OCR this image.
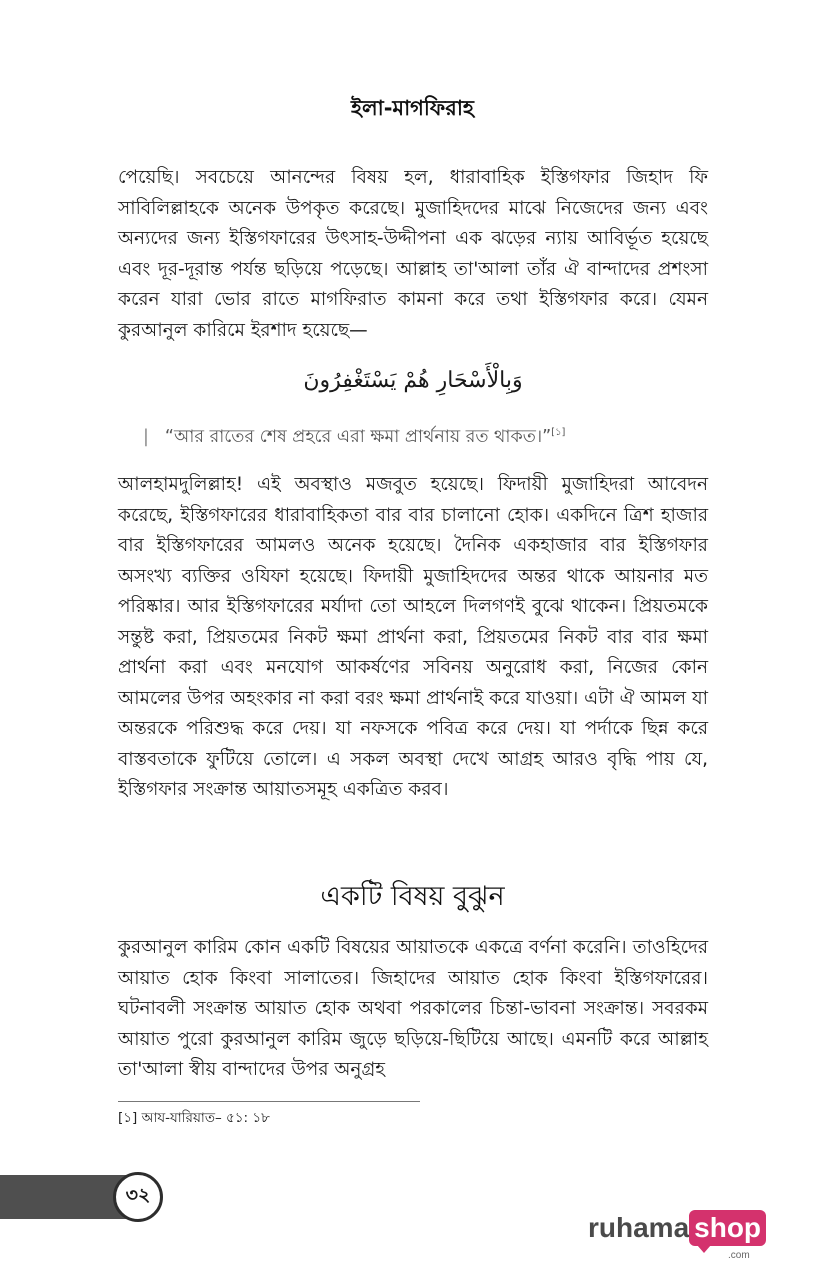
ইলা-মাগফিরাহ

পেয়েছি। সবচেয়ে আনন্দের বিষয় হল, ধারাবাহিক ইস্তিগফার জিহাদ ফি সাবিলিল্লাহকে অনেক উপকৃত করেছে। মুজাহিদদের মাঝে নিজেদের জন্য এবং অন্যদের জন্য ইস্তিগফারের উৎসাহ-উদ্দীপনা এক ঝড়ের ন্যায় আবির্ভূত হয়েছে এবং দূর-দূরান্ত পর্যন্ত ছড়িয়ে পড়েছে। আল্লাহ তা'আলা তাঁর ঐ বান্দাদের প্রশংসা করেন যারা ভোর রাতে মাগফিরাত কামনা করে তথা ইস্তিগফার করে। যেমন কুরআনুল কারিমে ইরশাদ হয়েছে—

وَبِالْأَسْحَارِ هُمْ يَسْتَغْفِرُونَ
| “আর রাতের শেষ প্রহরে এরা ক্ষমা প্রার্থনায় রত থাকত।”[১]

আলহামদুলিল্লাহ! এই অবস্থাও মজবুত হয়েছে। ফিদায়ী মুজাহিদরা আবেদন করেছে, ইস্তিগফারের ধারাবাহিকতা বার বার চালানো হোক। একদিনে ত্রিশ হাজার বার ইস্তিগফারের আমলও অনেক হয়েছে। দৈনিক একহাজার বার ইস্তিগফার অসংখ্য ব্যক্তির ওযিফা হয়েছে। ফিদায়ী মুজাহিদদের অন্তর থাকে আয়নার মত পরিষ্কার। আর ইস্তিগফারের মর্যাদা তো আহলে দিলগণই বুঝে থাকেন। প্রিয়তমকে সন্তুষ্ট করা, প্রিয়তমের নিকট ক্ষমা প্রার্থনা করা, প্রিয়তমের নিকট বার বার ক্ষমা প্রার্থনা করা এবং মনযোগ আকর্ষণের সবিনয় অনুরোধ করা, নিজের কোন আমলের উপর অহংকার না করা বরং ক্ষমা প্রার্থনাই করে যাওয়া। এটা ঐ আমল যা অন্তরকে পরিশুদ্ধ করে দেয়। যা নফসকে পবিত্র করে দেয়। যা পর্দাকে ছিন্ন করে বাস্তবতাকে ফুটিয়ে তোলে। এ সকল অবস্থা দেখে আগ্রহ আরও বৃদ্ধি পায় যে, ইস্তিগফার সংক্রান্ত আয়াতসমূহ একত্রিত করব।

একটি বিষয় বুঝুন

কুরআনুল কারিম কোন একটি বিষয়ের আয়াতকে একত্রে বর্ণনা করেনি। তাওহিদের আয়াত হোক কিংবা সালাতের। জিহাদের আয়াত হোক কিংবা ইস্তিগফারের। ঘটনাবলী সংক্রান্ত আয়াত হোক অথবা পরকালের চিন্তা-ভাবনা সংক্রান্ত। সবরকম আয়াত পুরো কুরআনুল কারিম জুড়ে ছড়িয়ে-ছিটিয়ে আছে। এমনটি করে আল্লাহ তা'আলা স্বীয় বান্দাদের উপর অনুগ্রহ

[১] আয-যারিয়াত– ৫১: ১৮
৩২
ruhama shop
.com
